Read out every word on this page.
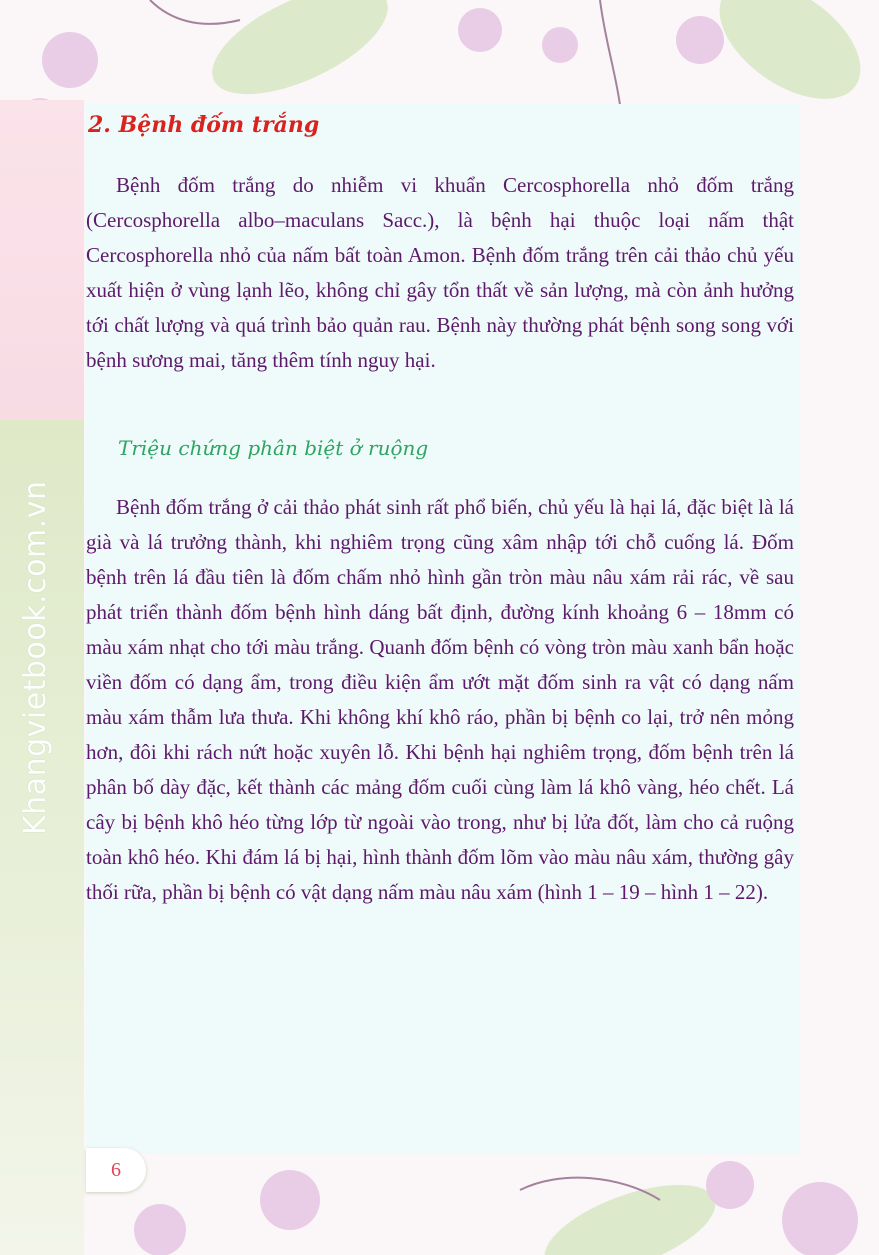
Khangvietbook.com.vn
2. Bệnh đốm trắng

Bệnh đốm trắng do nhiễm vi khuẩn Cercosphorella nhỏ đốm trắng (Cercosphorella albo–maculans Sacc.), là bệnh hại thuộc loại nấm thật Cercosphorella nhỏ của nấm bất toàn Amon. Bệnh đốm trắng trên cải thảo chủ yếu xuất hiện ở vùng lạnh lẽo, không chỉ gây tổn thất về sản lượng, mà còn ảnh hưởng tới chất lượng và quá trình bảo quản rau. Bệnh này thường phát bệnh song song với bệnh sương mai, tăng thêm tính nguy hại.

Triệu chứng phân biệt ở ruộng

Bệnh đốm trắng ở cải thảo phát sinh rất phổ biến, chủ yếu là hại lá, đặc biệt là lá già và lá trưởng thành, khi nghiêm trọng cũng xâm nhập tới chỗ cuống lá. Đốm bệnh trên lá đầu tiên là đốm chấm nhỏ hình gần tròn màu nâu xám rải rác, về sau phát triển thành đốm bệnh hình dáng bất định, đường kính khoảng 6 – 18mm có màu xám nhạt cho tới màu trắng. Quanh đốm bệnh có vòng tròn màu xanh bẩn hoặc viền đốm có dạng ẩm, trong điều kiện ẩm ướt mặt đốm sinh ra vật có dạng nấm màu xám thẫm lưa thưa. Khi không khí khô ráo, phần bị bệnh co lại, trở nên mỏng hơn, đôi khi rách nứt hoặc xuyên lỗ. Khi bệnh hại nghiêm trọng, đốm bệnh trên lá phân bố dày đặc, kết thành các mảng đốm cuối cùng làm lá khô vàng, héo chết. Lá cây bị bệnh khô héo từng lớp từ ngoài vào trong, như bị lửa đốt, làm cho cả ruộng toàn khô héo. Khi đám lá bị hại, hình thành đốm lõm vào màu nâu xám, thường gây thối rữa, phần bị bệnh có vật dạng nấm màu nâu xám (hình 1 – 19 – hình 1 – 22).

6
